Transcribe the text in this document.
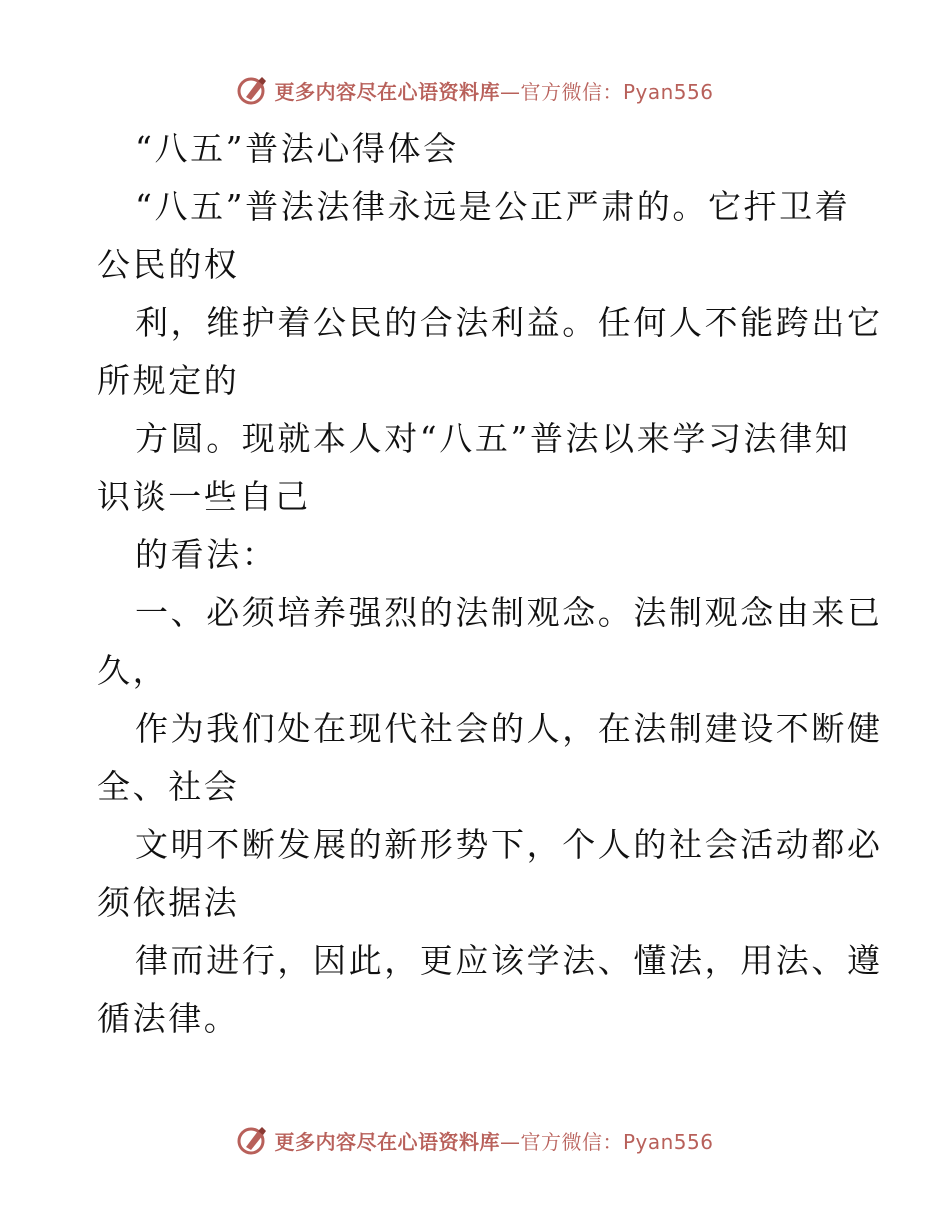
更多内容尽在心语资料库—官方微信：Pyan556
“八五”普法心得体会
“八五”普法法律永远是公正严肃的。它扞卫着
公民的权
利，维护着公民的合法利益。任何人不能跨出它
所规定的
方圆。现就本人对“八五”普法以来学习法律知
识谈一些自己
的看法：
一、必须培养强烈的法制观念。法制观念由来已
久，
作为我们处在现代社会的人，在法制建设不断健
全、社会
文明不断发展的新形势下，个人的社会活动都必
须依据法
律而进行，因此，更应该学法、懂法，用法、遵
循法律。
更多内容尽在心语资料库—官方微信：Pyan556
